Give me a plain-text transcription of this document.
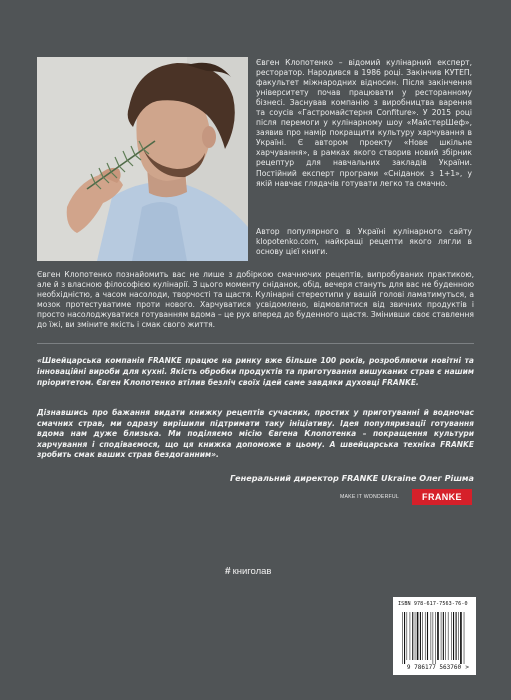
Євген Клопотенко – відомий кулінарний експерт, ресторатор. Народився в 1986 році. Закінчив КУТЕП, факультет міжнародних відносин. Після закінчення університету почав працювати у ресторанному бізнесі. Заснував компанію з виробництва варення та соусів «Гастромайстерня Confiture». У 2015 році після перемоги у кулінарному шоу «МайстерШеф», заявив про намір покращити культуру харчування в Україні. Є автором проекту «Нове шкільне харчування», в рамках якого створив новий збірник рецептур для навчальних закладів України. Постійний експерт програми «Сніданок з 1+1», у якій навчає глядачів готувати легко та смачно.

Автор популярного в Україні кулінарного сайту klopotenko.com, найкращі рецепти якого лягли в основу цієї книги.

Євген Клопотенко познайомить вас не лише з добіркою смачнючих рецептів, випробуваних практикою, але й з власною філософією кулінарії. З цього моменту сніданок, обід, вечеря стануть для вас не буденною необхідністю, а часом насолоди, творчості та щастя. Кулінарні стереотипи у вашій голові ламатимуться, а мозок протестуватиме проти нового. Харчуватися усвідомлено, відмовлятися від звичних продуктів і просто насолоджуватися готуванням вдома – це рух вперед до буденного щастя. Змінивши своє ставлення до їжі, ви зміните якість і смак свого життя.

«Швейцарська компанія FRANKE працює на ринку вже більше 100 років, розробляючи новітні та інноваційні вироби для кухні. Якість обробки продуктів та приготування вишуканих страв є нашим пріоритетом. Євген Клопотенко втілив безліч своїх ідей саме завдяки духовці FRANKE.

Дізнавшись про бажання видати книжку рецептів сучасних, простих у приготуванні й водночас смачних страв, ми одразу вирішили підтримати таку ініціативу. Ідея популяризації готування вдома нам дуже близька. Ми поділяємо місію Євгена Клопотенка – покращення культури харчування і сподіваємося, що ця книжка допоможе в цьому. А швейцарська техніка FRANKE зробить смак ваших страв бездоганним».

Генеральний директор FRANKE Ukraine Олег Рішма

MAKE IT WONDERFUL	FRANKE
# книголав
ISBN 978-617-7563-76-0
9 786177 563760 >
